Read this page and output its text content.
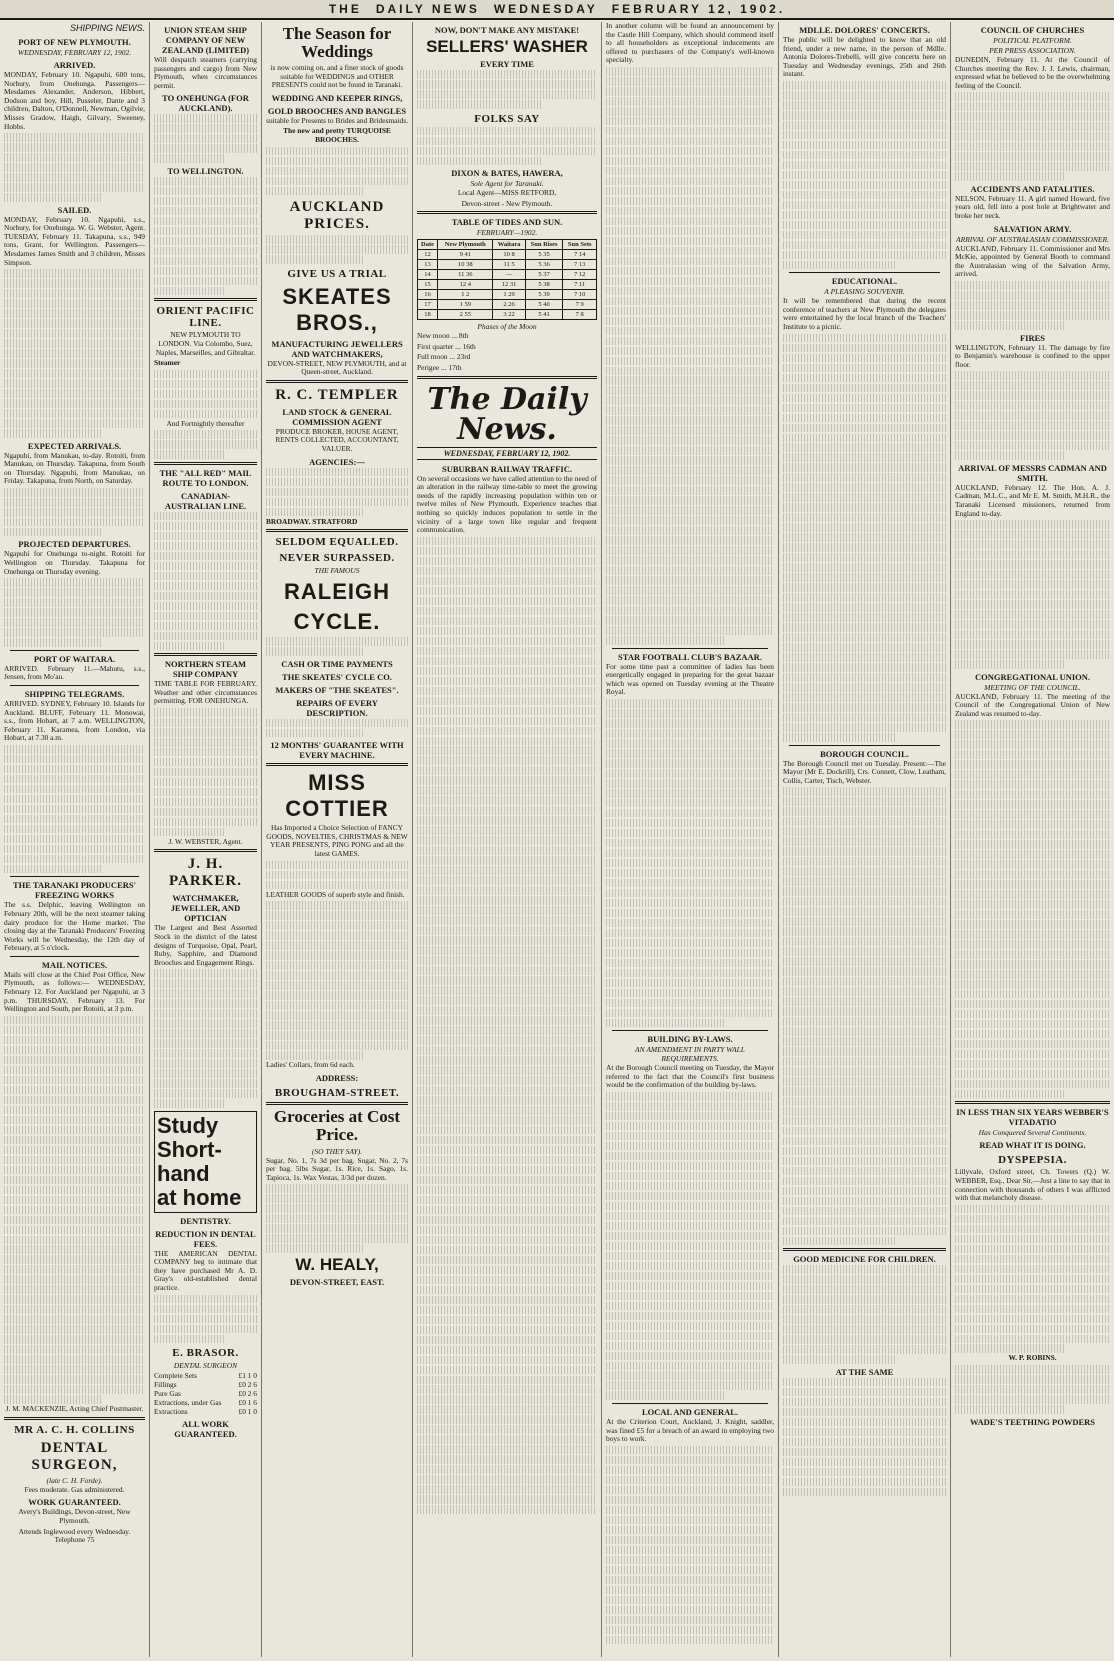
THE DAILY NEWS WEDNESDAY FEBRUARY 12, 1902.
SHIPPING NEWS.
PORT OF NEW PLYMOUTH.
WEDNESDAY, FEBRUARY 12, 1902.
ARRIVED.

MONDAY, February 10. Ngapuhi, 600 tons, Norbury, from Onehunga. Passengers—Mesdames Alexander, Anderson, Hibbert, Dodson and boy, Hill, Pusseler, Dante and 3 children, Dalton, O'Donnell, Newman, Ogilvie, Misses Gradow, Haigh, Gilvary, Sweeney, Hobbs.

SAILED.

MONDAY, February 10. Ngapuhi, s.s., Norbury, for Onehunga. W. G. Webster, Agent. TUESDAY, February 11. Takapuna, s.s., 949 tons, Grant, for Wellington. Passengers—Mesdames James Smith and 3 children, Misses Simpson.

EXPECTED ARRIVALS.

Ngapuhi, from Manukau, to-day. Rotoiti, from Manukau, on Thursday. Takapuna, from South on Thursday. Ngapuhi, from Manukau, on Friday. Takapuna, from North, on Saturday.

PROJECTED DEPARTURES.

Ngapuhi for Onehunga to-night. Rotoiti for Wellington on Thursday. Takapuna for Onehunga on Thursday evening.

PORT OF WAITARA.

ARRIVED. February 11.—Mahutu, s.s., Jensen, from Mo'au.

SHIPPING TELEGRAMS.

ARRIVED. SYDNEY, February 10. Islands for Auckland. BLUFF, February 11. Monowai, s.s., from Hobart, at 7 a.m. WELLINGTON, February 11. Karamea, from London, via Hobart, at 7.30 a.m.

THE TARANAKI PRODUCERS' FREEZING WORKS

The s.s. Delphic, leaving Wellington on February 20th, will be the next steamer taking dairy produce for the Home market. The closing day at the Taranaki Producers' Freezing Works will be Wednesday, the 12th day of February, at 5 o'clock.

MAIL NOTICES.

Mails will close at the Chief Post Office, New Plymouth, as follows:— WEDNESDAY, February 12. For Auckland per Ngapuhi, at 3 p.m. THURSDAY, February 13. For Wellington and South, per Rotoiti, at 3 p.m.

J. M. MACKENZIE, Acting Chief Postmaster.

MR A. C. H. COLLINS
DENTAL SURGEON,
(late C. H. Forde).

Fees moderate. Gas administered.

WORK GUARANTEED.

Avery's Buildings, Devon-street, New Plymouth.

Attends Inglewood every Wednesday. Telephone 75

UNION STEAM SHIP COMPANY OF NEW ZEALAND (LIMITED)

Will despatch steamers (carrying passengers and cargo) from New Plymouth, when circumstances permit.

TO ONEHUNGA (FOR AUCKLAND).
TO WELLINGTON.
ORIENT PACIFIC LINE.

NEW PLYMOUTH TO LONDON. Via Colombo, Suez, Naples, Marseilles, and Gibraltar.

Steamer

And Fortnightly thereafter

THE "ALL RED" MAIL ROUTE TO LONDON.
CANADIAN-AUSTRALIAN LINE.
NORTHERN STEAM SHIP COMPANY

TIME TABLE FOR FEBRUARY. Weather and other circumstances permitting. FOR ONEHUNGA.

J. W. WEBSTER, Agent.

J. H. PARKER.
WATCHMAKER, JEWELLER, AND OPTICIAN

The Largest and Best Assorted Stock in the district of the latest designs of Turquoise, Opal, Pearl, Ruby, Sapphire, and Diamond Brooches and Engagement Rings.

Study
Short-
hand
at home
DENTISTRY.
REDUCTION IN DENTAL FEES.

THE AMERICAN DENTAL COMPANY beg to intimate that they have purchased Mr A. D. Gray's old-established dental practice.

E. BRASOR.
DENTAL SURGEON
Complete Sets	£1 1 0
Fillings	£0 2 6
Pure Gas	£0 2 6
Extractions, under Gas £0 1 6
Extractions	£0 1 0
ALL WORK GUARANTEED.
The Season for Weddings

is now coming on, and a finer stock of goods suitable for WEDDINGS and OTHER PRESENTS could not be found in Taranaki.

WEDDING AND KEEPER RINGS,
GOLD BROOCHES AND BANGLES

suitable for Presents to Brides and Bridesmaids.

The new and pretty TURQUOISE BROOCHES.

AUCKLAND PRICES.
GIVE US A TRIAL
SKEATES BROS.,
MANUFACTURING JEWELLERS AND WATCHMAKERS,

DEVON-STREET, NEW PLYMOUTH, and at Queen-street, Auckland.

R. C. TEMPLER
LAND STOCK & GENERAL COMMISSION AGENT

PRODUCE BROKER, HOUSE AGENT, RENTS COLLECTED, ACCOUNTANT, VALUER.

AGENCIES:—

BROADWAY. STRATFORD

SELDOM EQUALLED.
NEVER SURPASSED.
THE FAMOUS
RALEIGH
CYCLE.
CASH OR TIME PAYMENTS
THE SKEATES' CYCLE CO.
MAKERS OF "THE SKEATES".
REPAIRS OF EVERY DESCRIPTION.
12 MONTHS' GUARANTEE WITH EVERY MACHINE.
MISS COTTIER

Has Imported a Choice Selection of FANCY GOODS, NOVELTIES, CHRISTMAS & NEW YEAR PRESENTS, PING PONG and all the latest GAMES.

LEATHER GOODS of superb style and finish.

Ladies' Collars, from 6d each.

ADDRESS:
BROUGHAM-STREET.
Groceries at Cost Price.
(SO THEY SAY).

Sugar, No. 1, 7s 3d per bag. Sugar, No. 2, 7s per bag. 5lbs Sugar, 1s. Rice, 1s. Sago, 1s. Tapioca, 1s. Wax Vestas, 3/3d per dozen.

W. HEALY,
DEVON-STREET, EAST.
NOW, DON'T MAKE ANY MISTAKE!
SELLERS' WASHER
EVERY TIME
FOLKS SAY
DIXON & BATES, HAWERA,
Sole Agent for Taranaki.

Local Agent—MISS RETFORD,

Devon-street - New Plymouth.

TABLE OF TIDES AND SUN.
FEBRUARY—1902.
Date	New Plymouth	Waitara	Sun Rises	Sun Sets
12	9 41	10 8	5 35	7 14
13	10 38	11 5	5 36	7 13
14	11 36	—	5 37	7 12
15	12 4	12 31	5 38	7 11
16	1 2	1 29	5 39	7 10
17	1 59	2 26	5 40	7 9
18	2 55	3 22	5 41	7 8
Phases of the Moon

New moon ... 8th

First quarter ... 16th

Full moon ... 23rd

Perigee ... 17th

The Daily News.
WEDNESDAY, FEBRUARY 12, 1902.
SUBURBAN RAILWAY TRAFFIC.

On several occasions we have called attention to the need of an alteration in the railway time-table to meet the growing needs of the rapidly increasing population within ten or twelve miles of New Plymouth. Experience teaches that nothing so quickly induces population to settle in the vicinity of a large town like regular and frequent communication.

In another column will be found an announcement by the Castle Hill Company, which should commend itself to all householders as exceptional inducements are offered to purchasers of the Company's well-known specialty.

STAR FOOTBALL CLUB'S BAZAAR.

For some time past a committee of ladies has been energetically engaged in preparing for the great bazaar which was opened on Tuesday evening at the Theatre Royal.

BUILDING BY-LAWS.
AN AMENDMENT IN PARTY WALL REQUIREMENTS.

At the Borough Council meeting on Tuesday, the Mayor referred to the fact that the Council's first business would be the confirmation of the building by-laws.

LOCAL AND GENERAL.

At the Criterion Court, Auckland, J. Knight, saddler, was fined £5 for a breach of an award in employing two boys to work.

MDLLE. DOLORES' CONCERTS.

The public will be delighted to know that an old friend, under a new name, in the person of Mdlle. Antonia Dolores-Trebelli, will give concerts here on Tuesday and Wednesday evenings, 25th and 26th instant.

EDUCATIONAL.
A PLEASING SOUVENIR.

It will be remembered that during the recent conference of teachers at New Plymouth the delegates were entertained by the local branch of the Teachers' Institute to a picnic.

BOROUGH COUNCIL.

The Borough Council met on Tuesday. Present:—The Mayor (Mr E. Dockrill), Crs. Connett, Clow, Leatham, Collis, Carter, Tisch, Webster.

GOOD MEDICINE FOR CHILDREN.
AT THE SAME
COUNCIL OF CHURCHES
POLITICAL PLATFORM.
PER PRESS ASSOCIATION.

DUNEDIN, February 11. At the Council of Churches meeting the Rev. J. J. Lewis, chairman, expressed what he believed to be the overwhelming feeling of the Council.

ACCIDENTS AND FATALITIES.

NELSON, February 11. A girl named Howard, five years old, fell into a post hole at Brightwater and broke her neck.

SALVATION ARMY.
ARRIVAL OF AUSTRALASIAN COMMISSIONER.

AUCKLAND, February 11. Commissioner and Mrs McKie, appointed by General Booth to command the Australasian wing of the Salvation Army, arrived.

FIRES

WELLINGTON, February 11. The damage by fire to Benjamin's warehouse is confined to the upper floor.

ARRIVAL OF MESSRS CADMAN AND SMITH.

AUCKLAND, February 12. The Hon. A. J. Cadman, M.L.C., and Mr E. M. Smith, M.H.R., the Taranaki Licensed missioners, returned from England to-day.

CONGREGATIONAL UNION.
MEETING OF THE COUNCIL.

AUCKLAND, February 11. The meeting of the Council of the Congregational Union of New Zealand was resumed to-day.

IN LESS THAN SIX YEARS WEBBER'S VITADATIO
Has Conquered Several Continents.
READ WHAT IT IS DOING.
DYSPEPSIA.

Lillyvale, Oxford street, Ch. Towers (Q.) W. WEBBER, Esq., Dear Sir,—Just a line to say that in connection with thousands of others I was afflicted with that melancholy disease.

W. P. ROBINS.

WADE'S TEETHING POWDERS
